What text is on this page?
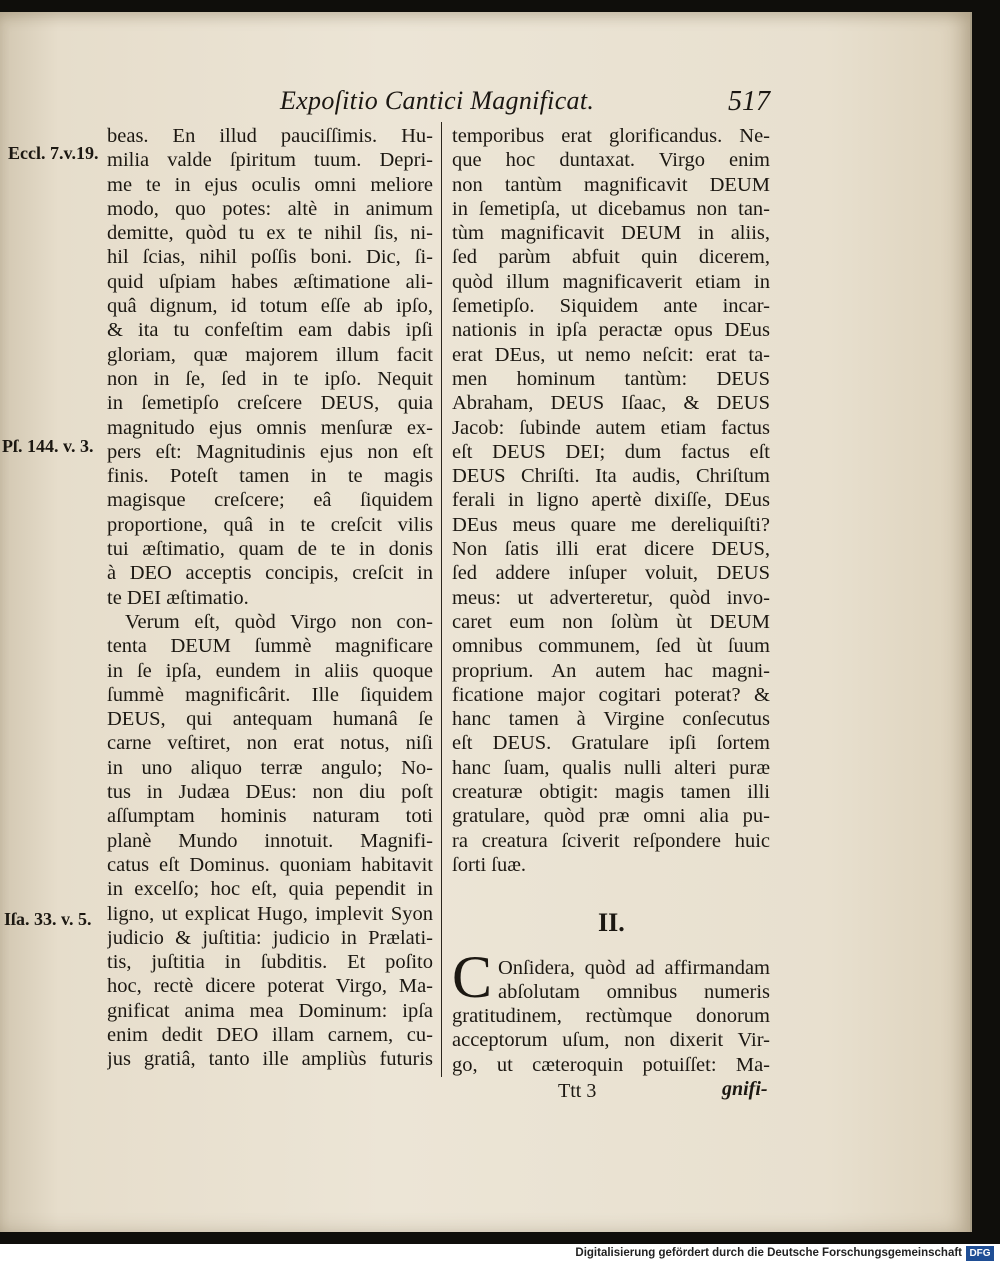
Expoſitio Cantici Magnificat.	517
Eccl. 7.v.19.
Pſ. 144. v. 3.
Iſa. 33. v. 5.
beas. En illud pauciſſimis. Hu-
milia valde ſpiritum tuum. Depri-
me te in ejus oculis omni meliore
modo, quo potes: altè in animum
demitte, quòd tu ex te nihil ſis, ni-
hil ſcias, nihil poſſis boni. Dic, ſi-
quid uſpiam habes æſtimatione ali-
quâ dignum, id totum eſſe ab ipſo,
& ita tu confeſtim eam dabis ipſi
gloriam, quæ majorem illum facit
non in ſe, ſed in te ipſo. Nequit
in ſemetipſo creſcere DEUS, quia
magnitudo ejus omnis menſuræ ex-
pers eſt: Magnitudinis ejus non eſt
finis. Poteſt tamen in te magis
magisque creſcere; eâ ſiquidem
proportione, quâ in te creſcit vilis
tui æſtimatio, quam de te in donis
à DEO acceptis concipis, creſcit in
te DEI æſtimatio.
Verum eſt, quòd Virgo non con-
tenta DEUM ſummè magnificare
in ſe ipſa, eundem in aliis quoque
ſummè magnificârit. Ille ſiquidem
DEUS, qui antequam humanâ ſe
carne veſtiret, non erat notus, niſi
in uno aliquo terræ angulo; No-
tus in Judæa DEus: non diu poſt
aſſumptam hominis naturam toti
planè Mundo innotuit. Magnifi-
catus eſt Dominus. quoniam habitavit
in excelſo; hoc eſt, quia pependit in
ligno, ut explicat Hugo, implevit Syon
judicio & juſtitia: judicio in Prælati-
tis, juſtitia in ſubditis. Et poſito
hoc, rectè dicere poterat Virgo, Ma-
gnificat anima mea Dominum: ipſa
enim dedit DEO illam carnem, cu-
jus gratiâ, tanto ille ampliùs futuris
temporibus erat glorificandus. Ne-
que hoc duntaxat. Virgo enim
non tantùm magnificavit DEUM
in ſemetipſa, ut dicebamus non tan-
tùm magnificavit DEUM in aliis,
ſed parùm abfuit quin dicerem,
quòd illum magnificaverit etiam in
ſemetipſo. Siquidem ante incar-
nationis in ipſa peractæ opus DEus
erat DEus, ut nemo neſcit: erat ta-
men hominum tantùm: DEUS
Abraham, DEUS Iſaac, & DEUS
Jacob: ſubinde autem etiam factus
eſt DEUS DEI; dum factus eſt
DEUS Chriſti. Ita audis, Chriſtum
ferali in ligno apertè dixiſſe, DEus
DEus meus quare me dereliquiſti?
Non ſatis illi erat dicere DEUS,
ſed addere inſuper voluit, DEUS
meus: ut adverteretur, quòd invo-
caret eum non ſolùm ùt DEUM
omnibus communem, ſed ùt ſuum
proprium. An autem hac magni-
ficatione major cogitari poterat? &
hanc tamen à Virgine conſecutus
eſt DEUS. Gratulare ipſi ſortem
hanc ſuam, qualis nulli alteri puræ
creaturæ obtigit: magis tamen illi
gratulare, quòd præ omni alia pu-
ra creatura ſciverit reſpondere huic
ſorti ſuæ.
II.
C Onſidera, quòd ad affirmandam
abſolutam omnibus numeris
gratitudinem, rectùmque donorum
acceptorum uſum, non dixerit Vir-
go, ut cæteroquin potuiſſet: Ma-
Ttt 3	gnifi-
Digitalisierung gefördert durch die Deutsche Forschungsgemeinschaft DFG
